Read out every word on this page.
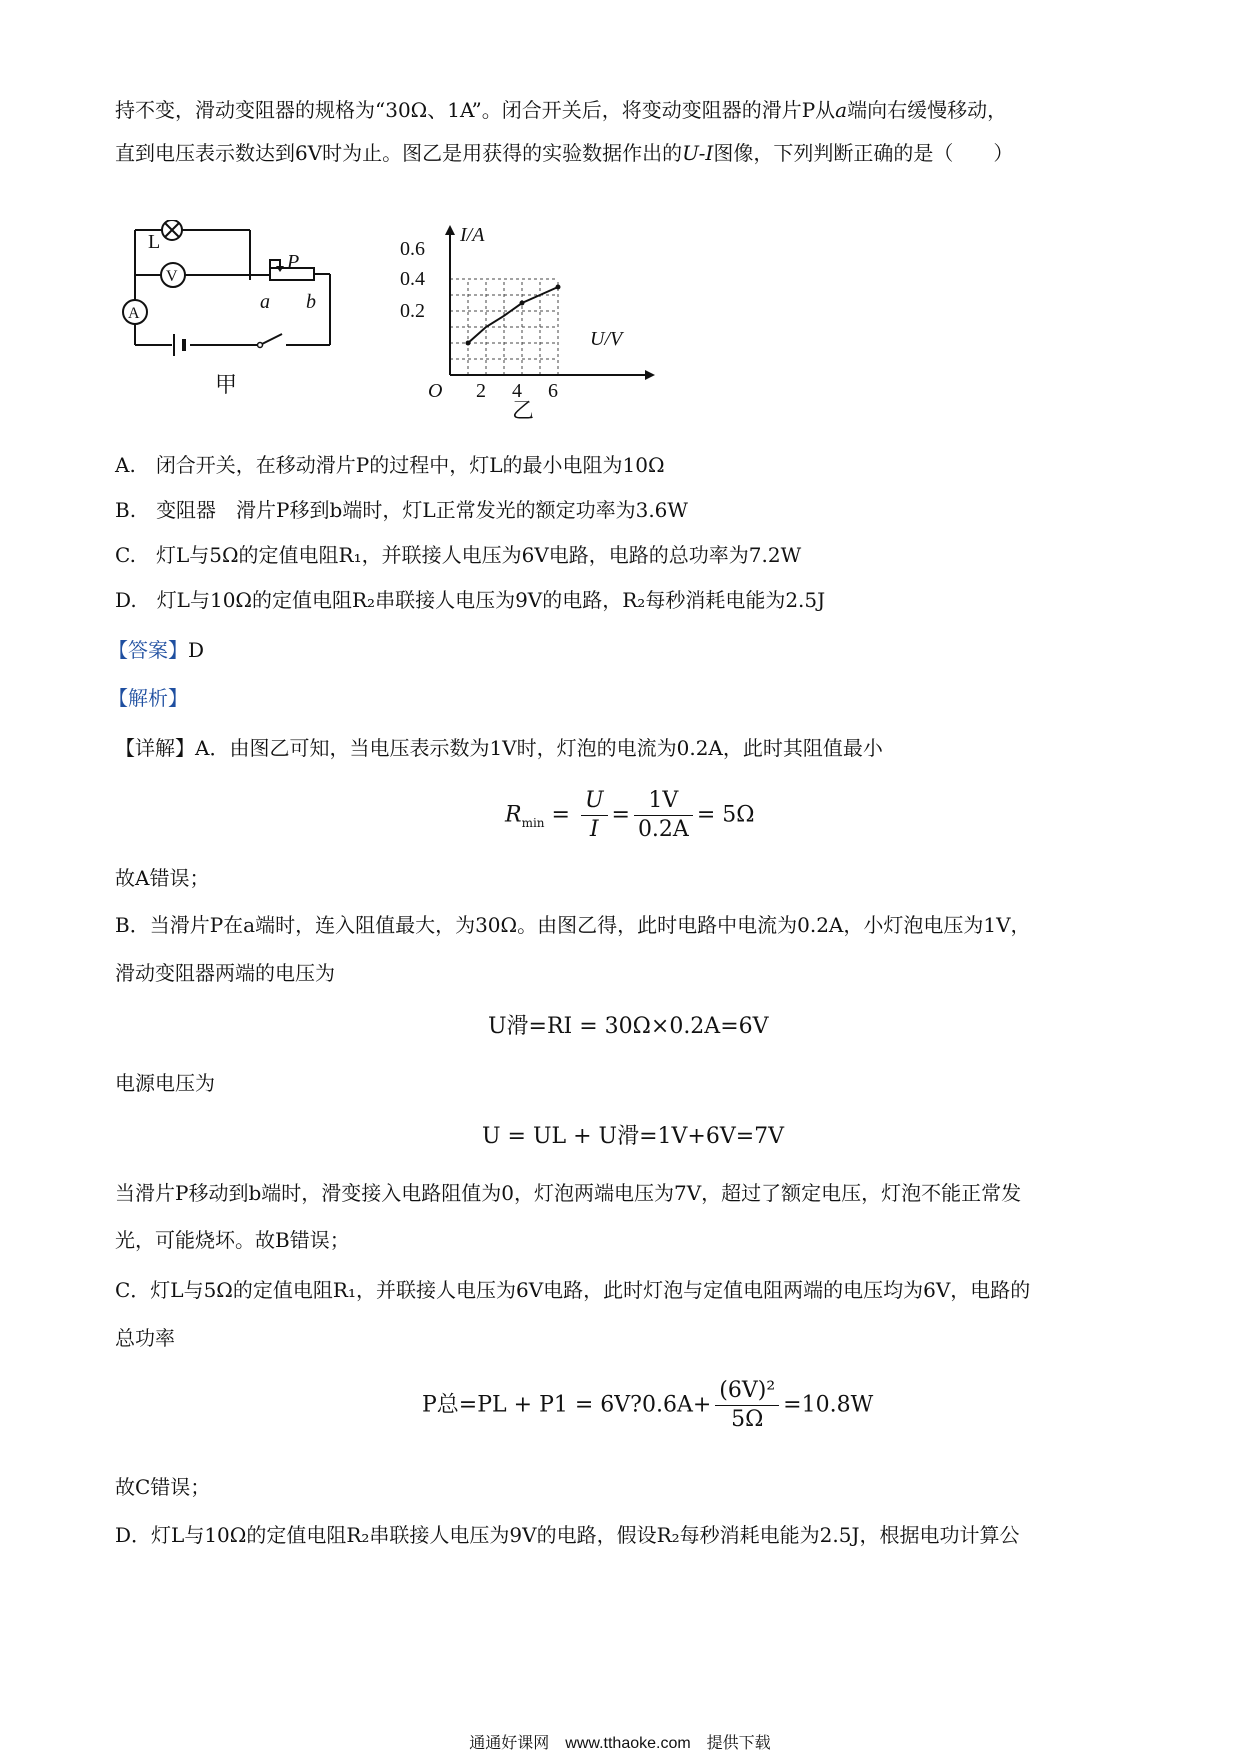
持不变，滑动变阻器的规格为“30Ω、1A”。闭合开关后，将变动变阻器的滑片P从a端向右缓慢移动，
直到电压表示数达到6V时为止。图乙是用获得的实验数据作出的U-I图像，下列判断正确的是（　　）
L
V
A
P
a b
甲
I/A
U/V
O
0.6
0.4
0.2
2 4 6
乙
A.　 闭合开关，在移动滑片P的过程中，灯L的最小电阻为10Ω
B.　 变阻器　滑片P移到b端时，灯L正常发光的额定功率为3.6W
C.　 灯L与5Ω的定值电阻R₁，并联接人电压为6V电路，电路的总功率为7.2W
D.　 灯L与10Ω的定值电阻R₂串联接人电压为9V的电路，R₂每秒消耗电能为2.5J
【答案】D
【解析】
【详解】A．由图乙可知，当电压表示数为1V时，灯泡的电流为0.2A，此时其阻值最小
$R_{min} = \frac{U}{I} = \frac{1V}{0.2A} = 5\Omega$
故A错误；
B．当滑片P在a端时，连入阻值最大，为30Ω。由图乙得，此时电路中电流为0.2A，小灯泡电压为1V，
滑动变阻器两端的电压为
U滑=RI = 30Ω×0.2A=6V
电源电压为
U = UL + U滑=1V+6V=7V
当滑片P移动到b端时，滑变接入电路阻值为0，灯泡两端电压为7V，超过了额定电压，灯泡不能正常发
光，可能烧坏。故B错误；
C．灯L与5Ω的定值电阻R₁，并联接人电压为6V电路，此时灯泡与定值电阻两端的电压均为6V，电路的
总功率
P总=PL + P1 = 6V?0.6A+ $\frac{\text{(6V)²}}{5\Omega} =10.8W$
故C错误；
D．灯L与10Ω的定值电阻R₂串联接人电压为9V的电路，假设R₂每秒消耗电能为2.5J，根据电功计算公
通通好课网　www.tthaoke.com　提供下载
